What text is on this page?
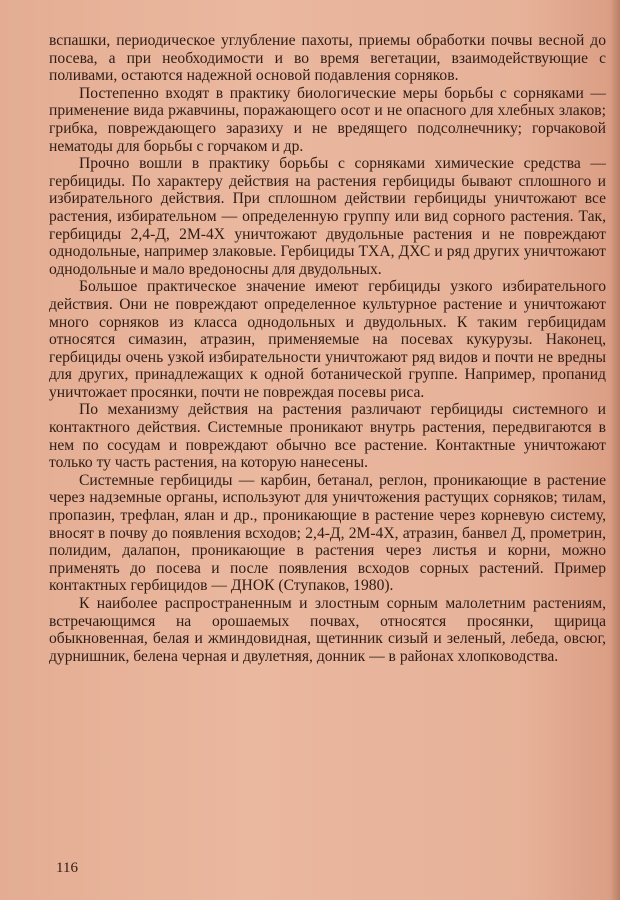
вспашки, периодическое углубление пахоты, приемы обработки почвы весной до посева, а при необходимости и во время вегетации, взаимодействующие с поливами, остаются надежной основой подавления сорняков.

Постепенно входят в практику биологические меры борьбы с сорняками — применение вида ржавчины, поражающего осот и не опасного для хлебных злаков; грибка, повреждающего заразиху и не вредящего подсолнечнику; горчаковой нематоды для борьбы с горчаком и др.

Прочно вошли в практику борьбы с сорняками химические средства — гербициды. По характеру действия на растения гербициды бывают сплошного и избирательного действия. При сплошном действии гербициды уничтожают все растения, избирательном — определенную группу или вид сорного растения. Так, гербициды 2,4-Д, 2М-4Х уничтожают двудольные растения и не повреждают однодольные, например злаковые. Гербициды ТХА, ДХС и ряд других уничтожают однодольные и мало вредоносны для двудольных.

Большое практическое значение имеют гербициды узкого избирательного действия. Они не повреждают определенное культурное растение и уничтожают много сорняков из класса однодольных и двудольных. К таким гербицидам относятся симазин, атразин, применяемые на посевах кукурузы. Наконец, гербициды очень узкой избирательности уничтожают ряд видов и почти не вредны для других, принадлежащих к одной ботанической группе. Например, пропанид уничтожает просянки, почти не повреждая посевы риса.

По механизму действия на растения различают гербициды системного и контактного действия. Системные проникают внутрь растения, передвигаются в нем по сосудам и повреждают обычно все растение. Контактные уничтожают только ту часть растения, на которую нанесены.

Системные гербициды — карбин, бетанал, реглон, проникающие в растение через надземные органы, используют для уничтожения растущих сорняков; тилам, пропазин, трефлан, ялан и др., проникающие в растение через корневую систему, вносят в почву до появления всходов; 2,4-Д, 2М-4Х, атразин, банвел Д, прометрин, полидим, далапон, проникающие в растения через листья и корни, можно применять до посева и после появления всходов сорных растений. Пример контактных гербицидов — ДНОК (Ступаков, 1980).

К наиболее распространенным и злостным сорным малолетним растениям, встречающимся на орошаемых почвах, относятся просянки, щирица обыкновенная, белая и жминдовидная, щетинник сизый и зеленый, лебеда, овсюг, дурнишник, белена черная и двулетняя, донник — в районах хлопководства.

116
